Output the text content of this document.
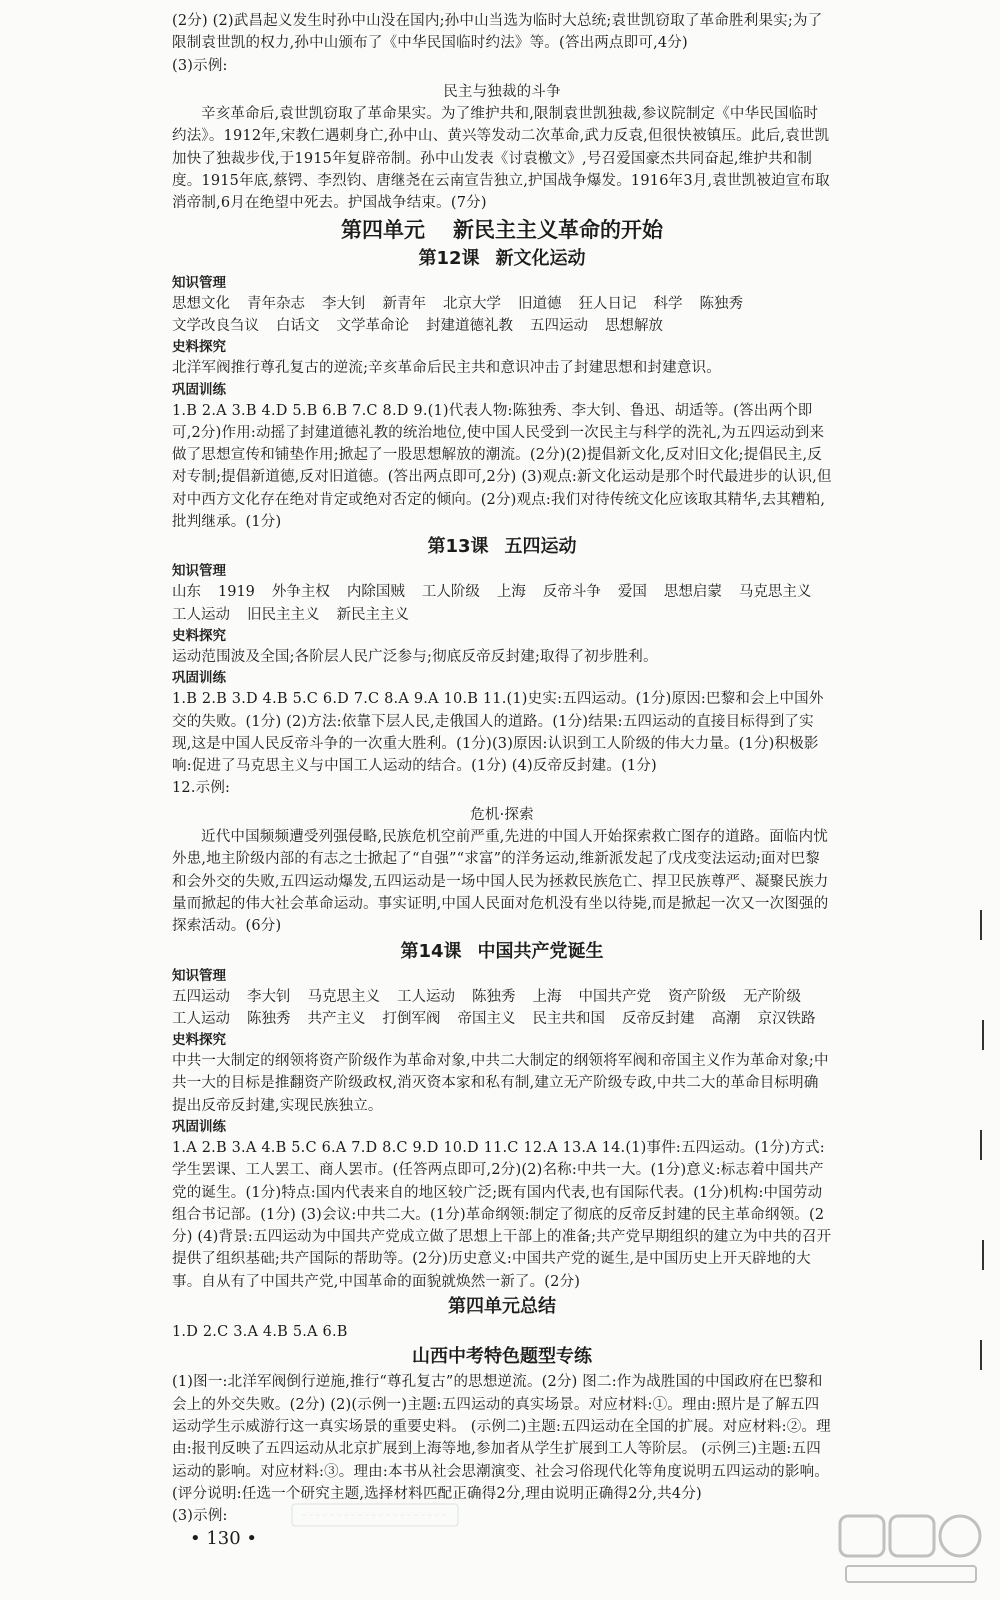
(2分) (2)武昌起义发生时孙中山没在国内;孙中山当选为临时大总统;袁世凯窃取了革命胜利果实;为了限制袁世凯的权力,孙中山颁布了《中华民国临时约法》等。(答出两点即可,4分)

(3)示例:

民主与独裁的斗争

辛亥革命后,袁世凯窃取了革命果实。为了维护共和,限制袁世凯独裁,参议院制定《中华民国临时约法》。1912年,宋教仁遇刺身亡,孙中山、黄兴等发动二次革命,武力反袁,但很快被镇压。此后,袁世凯加快了独裁步伐,于1915年复辟帝制。孙中山发表《讨袁檄文》,号召爱国豪杰共同奋起,维护共和制度。1915年底,蔡锷、李烈钧、唐继尧在云南宣告独立,护国战争爆发。1916年3月,袁世凯被迫宣布取消帝制,6月在绝望中死去。护国战争结束。(7分)

第四单元 新民主主义革命的开始
第12课 新文化运动
知识管理
思想文化 青年杂志 李大钊 新青年 北京大学 旧道德 狂人日记 科学 陈独秀
文学改良刍议 白话文 文学革命论 封建道德礼教 五四运动 思想解放
史料探究

北洋军阀推行尊孔复古的逆流;辛亥革命后民主共和意识冲击了封建思想和封建意识。

巩固训练

1.B 2.A 3.B 4.D 5.B 6.B 7.C 8.D 9.(1)代表人物:陈独秀、李大钊、鲁迅、胡适等。(答出两个即可,2分)作用:动摇了封建道德礼教的统治地位,使中国人民受到一次民主与科学的洗礼,为五四运动到来做了思想宣传和铺垫作用;掀起了一股思想解放的潮流。(2分)(2)提倡新文化,反对旧文化;提倡民主,反对专制;提倡新道德,反对旧道德。(答出两点即可,2分) (3)观点:新文化运动是那个时代最进步的认识,但对中西方文化存在绝对肯定或绝对否定的倾向。(2分)观点:我们对待传统文化应该取其精华,去其糟粕,批判继承。(1分)

第13课 五四运动
知识管理
山东 1919 外争主权 内除国贼 工人阶级 上海 反帝斗争 爱国 思想启蒙 马克思主义
工人运动 旧民主主义 新民主主义
史料探究

运动范围波及全国;各阶层人民广泛参与;彻底反帝反封建;取得了初步胜利。

巩固训练

1.B 2.B 3.D 4.B 5.C 6.D 7.C 8.A 9.A 10.B 11.(1)史实:五四运动。(1分)原因:巴黎和会上中国外交的失败。(1分) (2)方法:依靠下层人民,走俄国人的道路。(1分)结果:五四运动的直接目标得到了实现,这是中国人民反帝斗争的一次重大胜利。(1分)(3)原因:认识到工人阶级的伟大力量。(1分)积极影响:促进了马克思主义与中国工人运动的结合。(1分) (4)反帝反封建。(1分)

12.示例:

危机·探索

近代中国频频遭受列强侵略,民族危机空前严重,先进的中国人开始探索救亡图存的道路。面临内忧外患,地主阶级内部的有志之士掀起了“自强”“求富”的洋务运动,维新派发起了戊戌变法运动;面对巴黎和会外交的失败,五四运动爆发,五四运动是一场中国人民为拯救民族危亡、捍卫民族尊严、凝聚民族力量而掀起的伟大社会革命运动。事实证明,中国人民面对危机没有坐以待毙,而是掀起一次又一次图强的探索活动。(6分)

第14课 中国共产党诞生
知识管理
五四运动 李大钊 马克思主义 工人运动 陈独秀 上海 中国共产党 资产阶级 无产阶级
工人运动 陈独秀 共产主义 打倒军阀 帝国主义 民主共和国 反帝反封建 高潮 京汉铁路
史料探究

中共一大制定的纲领将资产阶级作为革命对象,中共二大制定的纲领将军阀和帝国主义作为革命对象;中共一大的目标是推翻资产阶级政权,消灭资本家和私有制,建立无产阶级专政,中共二大的革命目标明确提出反帝反封建,实现民族独立。

巩固训练

1.A 2.B 3.A 4.B 5.C 6.A 7.D 8.C 9.D 10.D 11.C 12.A 13.A 14.(1)事件:五四运动。(1分)方式:学生罢课、工人罢工、商人罢市。(任答两点即可,2分)(2)名称:中共一大。(1分)意义:标志着中国共产党的诞生。(1分)特点:国内代表来自的地区较广泛;既有国内代表,也有国际代表。(1分)机构:中国劳动组合书记部。(1分) (3)会议:中共二大。(1分)革命纲领:制定了彻底的反帝反封建的民主革命纲领。(2分) (4)背景:五四运动为中国共产党成立做了思想上干部上的准备;共产党早期组织的建立为中共的召开提供了组织基础;共产国际的帮助等。(2分)历史意义:中国共产党的诞生,是中国历史上开天辟地的大事。自从有了中国共产党,中国革命的面貌就焕然一新了。(2分)

第四单元总结

1.D 2.C 3.A 4.B 5.A 6.B

山西中考特色题型专练

(1)图一:北洋军阀倒行逆施,推行“尊孔复古”的思想逆流。(2分) 图二:作为战胜国的中国政府在巴黎和会上的外交失败。(2分) (2)(示例一)主题:五四运动的真实场景。对应材料:①。理由:照片是了解五四运动学生示威游行这一真实场景的重要史料。 (示例二)主题:五四运动在全国的扩展。对应材料:②。理由:报刊反映了五四运动从北京扩展到上海等地,参加者从学生扩展到工人等阶层。 (示例三)主题:五四运动的影响。对应材料:③。理由:本书从社会思潮演变、社会习俗现代化等角度说明五四运动的影响。(评分说明:任选一个研究主题,选择材料匹配正确得2分,理由说明正确得2分,共4分)

(3)示例:

• 130 •
